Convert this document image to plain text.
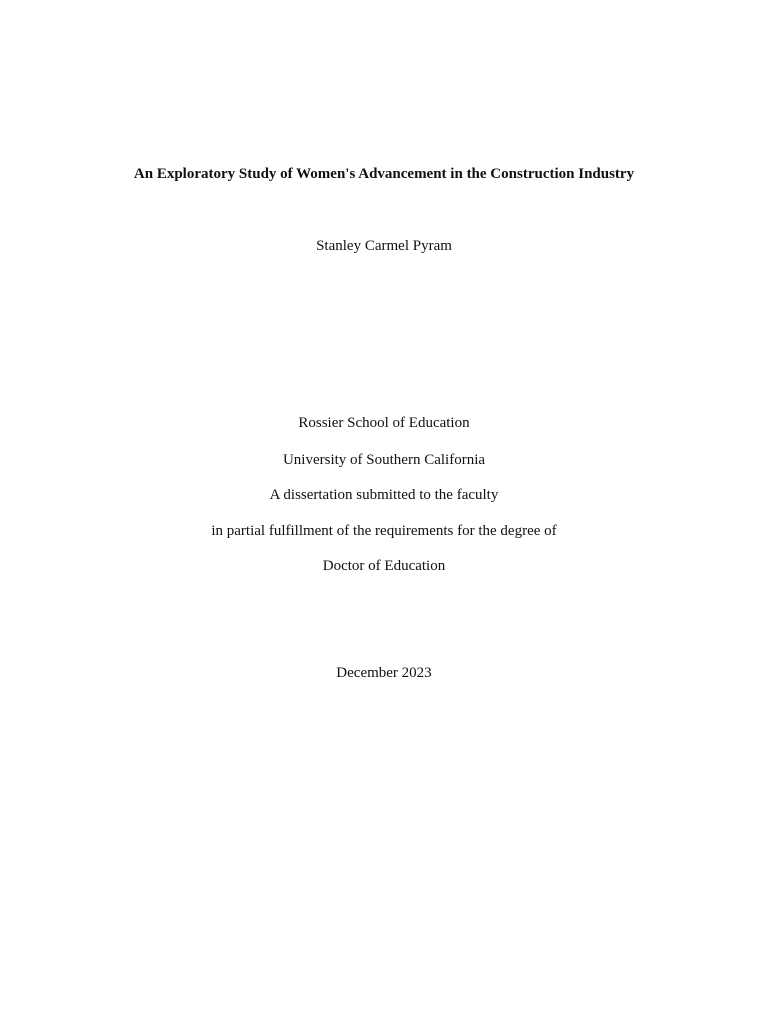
An Exploratory Study of Women's Advancement in the Construction Industry
Stanley Carmel Pyram
Rossier School of Education
University of Southern California
A dissertation submitted to the faculty
in partial fulfillment of the requirements for the degree of
Doctor of Education
December 2023
